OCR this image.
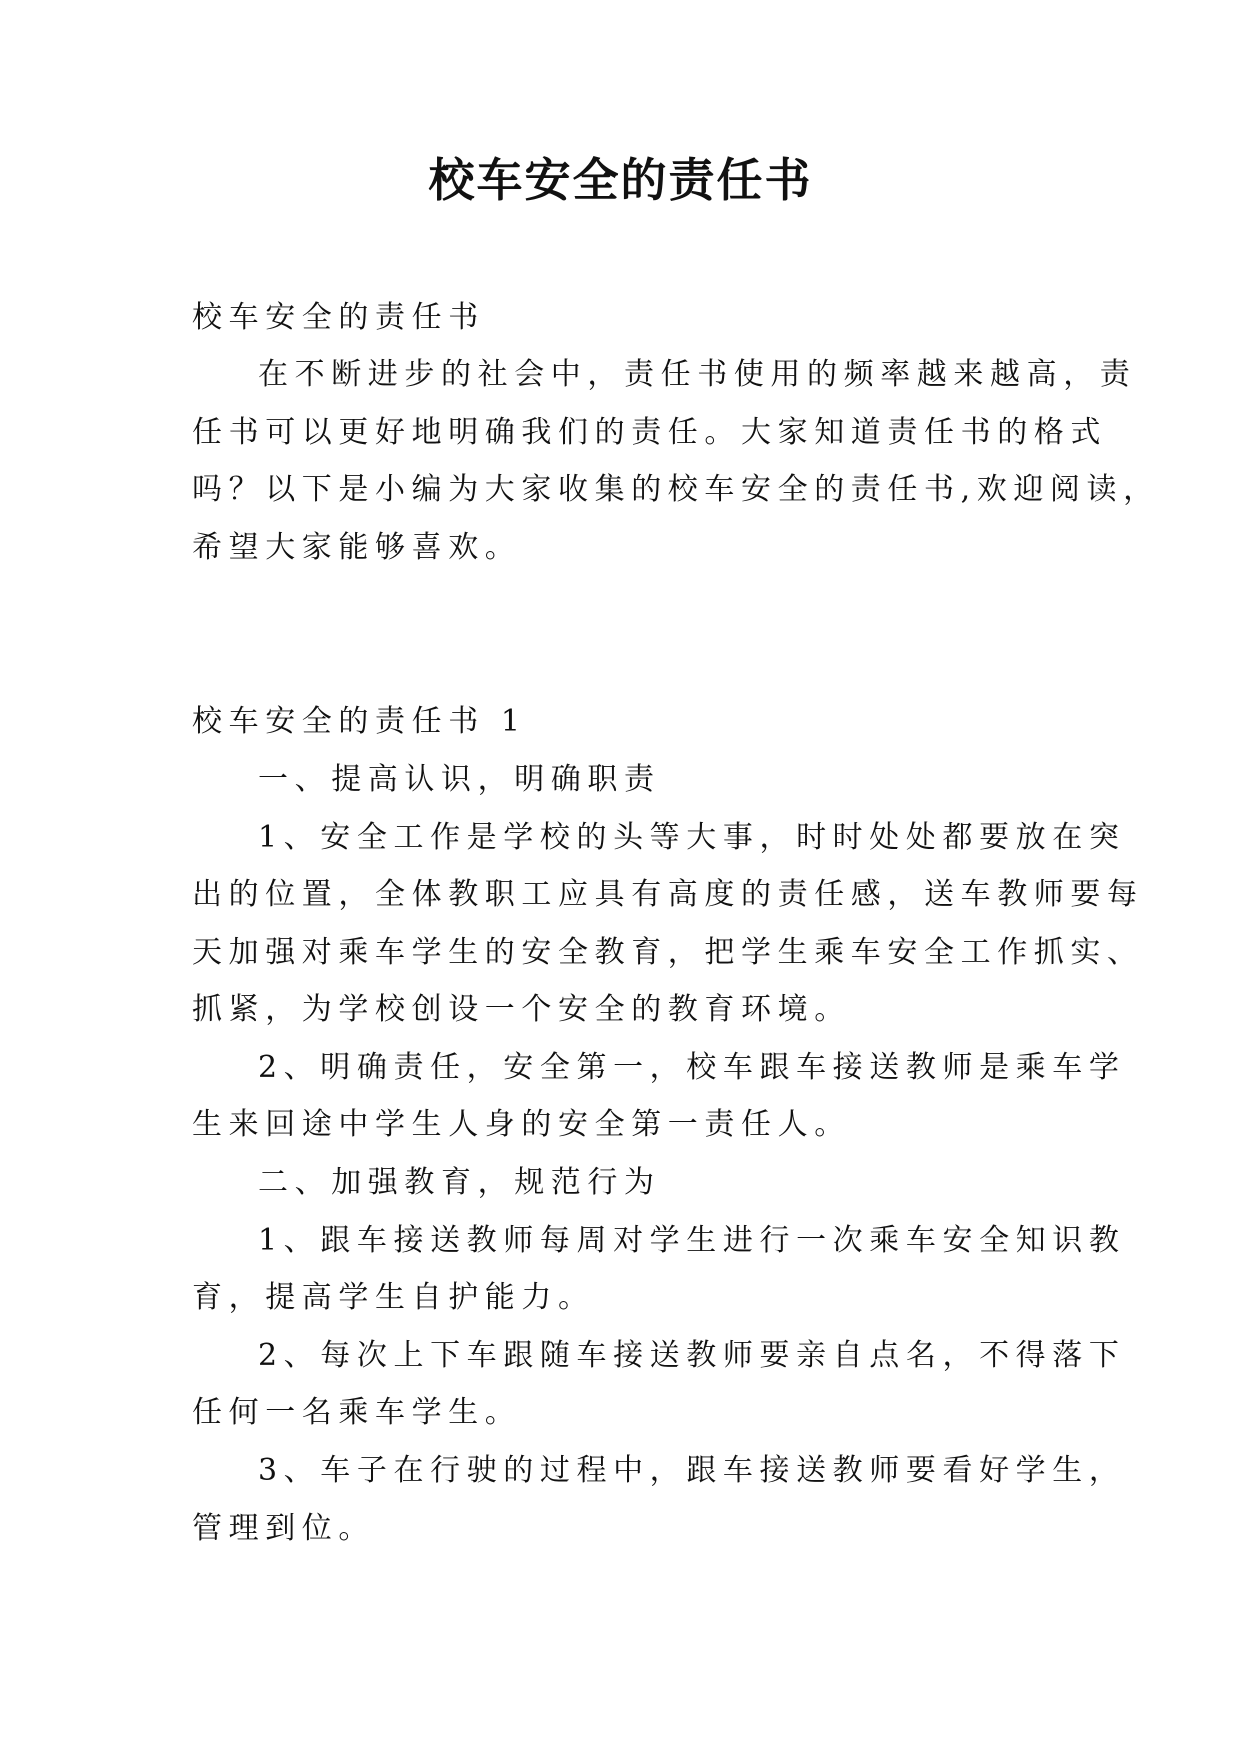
校车安全的责任书

校车安全的责任书

在不断进步的社会中，责任书使用的频率越来越高，责

任书可以更好地明确我们的责任。大家知道责任书的格式

吗？以下是小编为大家收集的校车安全的责任书,欢迎阅读，

希望大家能够喜欢。

校车安全的责任书 1

一、提高认识，明确职责

1、安全工作是学校的头等大事，时时处处都要放在突

出的位置，全体教职工应具有高度的责任感，送车教师要每

天加强对乘车学生的安全教育，把学生乘车安全工作抓实、

抓紧，为学校创设一个安全的教育环境。

2、明确责任，安全第一，校车跟车接送教师是乘车学

生来回途中学生人身的安全第一责任人。

二、加强教育，规范行为

1、跟车接送教师每周对学生进行一次乘车安全知识教

育，提高学生自护能力。

2、每次上下车跟随车接送教师要亲自点名，不得落下

任何一名乘车学生。

3、车子在行驶的过程中，跟车接送教师要看好学生，

管理到位。
